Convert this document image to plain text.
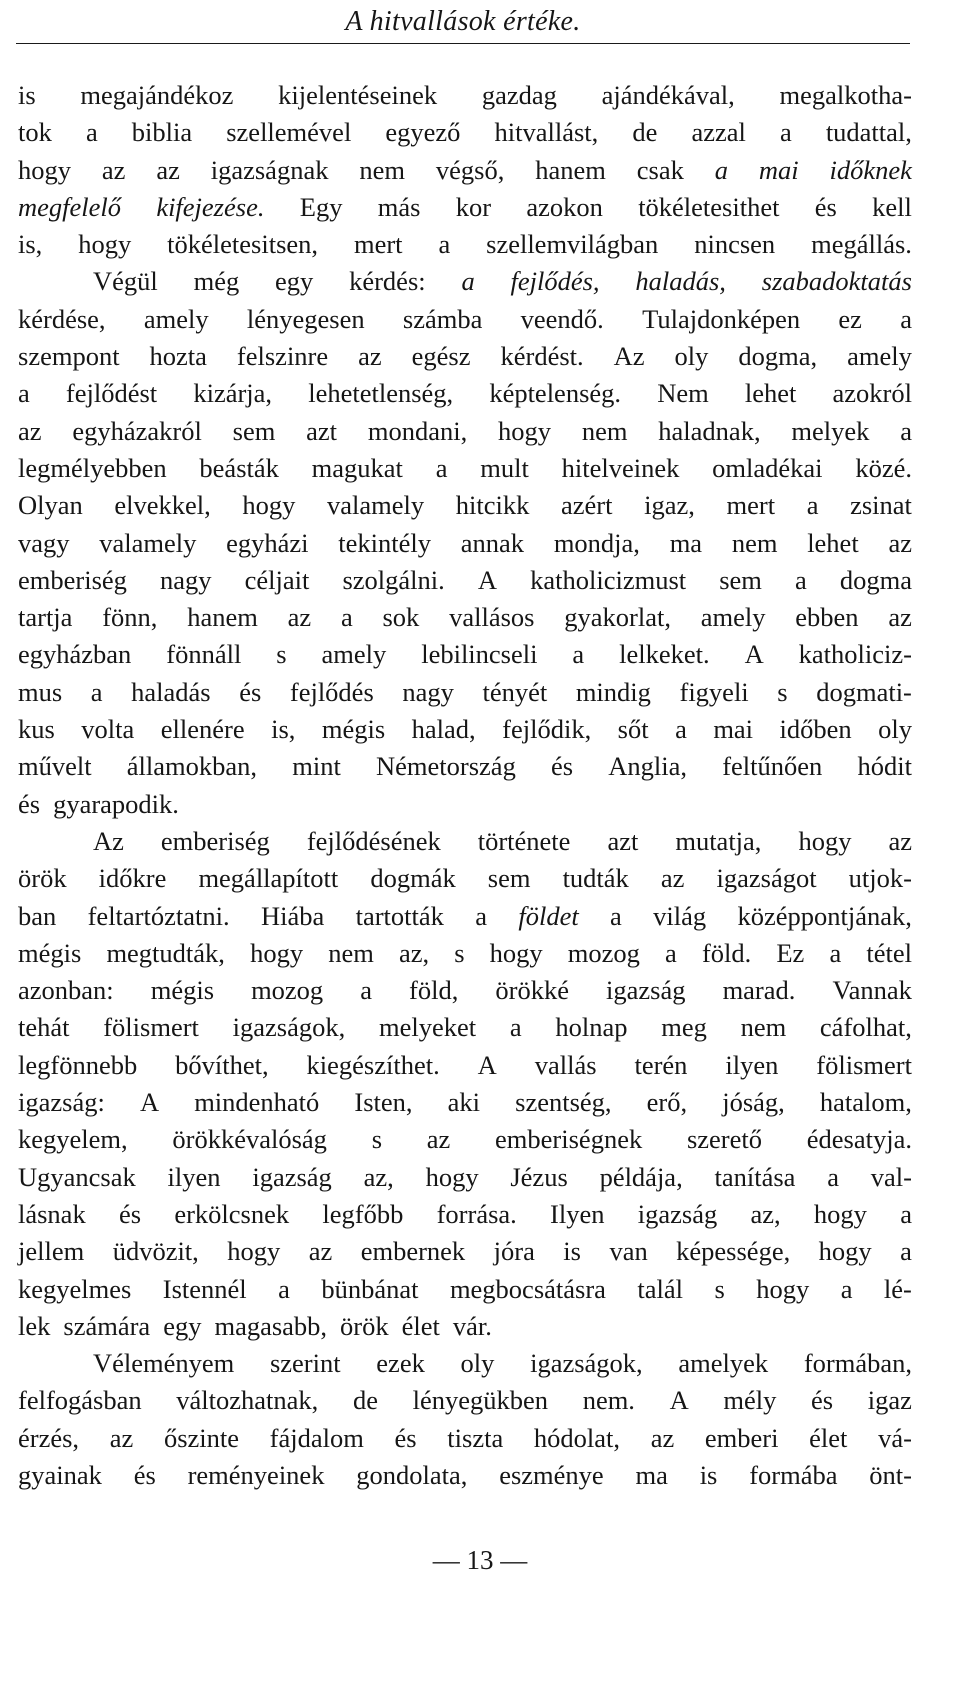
A hitvallások értéke.
is megajándékoz kijelentéseinek gazdag ajándékával, megalkotha-
tok a biblia szellemével egyező hitvallást, de azzal a tudattal,
hogy az az igazságnak nem végső, hanem csak a mai időknek
megfelelő kifejezése. Egy más kor azokon tökéletesithet és kell
is, hogy tökéletesitsen, mert a szellemvilágban nincsen megállás.
Végül még egy kérdés: a fejlődés, haladás, szabadoktatás
kérdése, amely lényegesen számba veendő. Tulajdonképen ez a
szempont hozta felszinre az egész kérdést. Az oly dogma, amely
a fejlődést kizárja, lehetetlenség, képtelenség. Nem lehet azokról
az egyházakról sem azt mondani, hogy nem haladnak, melyek a
legmélyebben beásták magukat a mult hitelveinek omladékai közé.
Olyan elvekkel, hogy valamely hitcikk azért igaz, mert a zsinat
vagy valamely egyházi tekintély annak mondja, ma nem lehet az
emberiség nagy céljait szolgálni. A katholicizmust sem a dogma
tartja fönn, hanem az a sok vallásos gyakorlat, amely ebben az
egyházban fönnáll s amely lebilincseli a lelkeket. A katholiciz-
mus a haladás és fejlődés nagy tényét mindig figyeli s dogmati-
kus volta ellenére is, mégis halad, fejlődik, sőt a mai időben oly
művelt államokban, mint Németország és Anglia, feltűnően hódit
és gyarapodik.
Az emberiség fejlődésének története azt mutatja, hogy az
örök időkre megállapított dogmák sem tudták az igazságot utjok-
ban feltartóztatni. Hiába tartották a földet a világ középpontjának,
mégis megtudták, hogy nem az, s hogy mozog a föld. Ez a tétel
azonban: mégis mozog a föld, örökké igazság marad. Vannak
tehát fölismert igazságok, melyeket a holnap meg nem cáfolhat,
legfönnebb bővíthet, kiegészíthet. A vallás terén ilyen fölismert
igazság: A mindenható Isten, aki szentség, erő, jóság, hatalom,
kegyelem, örökkévalóság s az emberiségnek szerető édesatyja.
Ugyancsak ilyen igazság az, hogy Jézus példája, tanítása a val-
lásnak és erkölcsnek legfőbb forrása. Ilyen igazság az, hogy a
jellem üdvözit, hogy az embernek jóra is van képessége, hogy a
kegyelmes Istennél a bünbánat megbocsátásra talál s hogy a lé-
lek számára egy magasabb, örök élet vár.
Véleményem szerint ezek oly igazságok, amelyek formában,
felfogásban változhatnak, de lényegükben nem. A mély és igaz
érzés, az őszinte fájdalom és tiszta hódolat, az emberi élet vá-
gyainak és reményeinek gondolata, eszménye ma is formába önt-
— 13 —
